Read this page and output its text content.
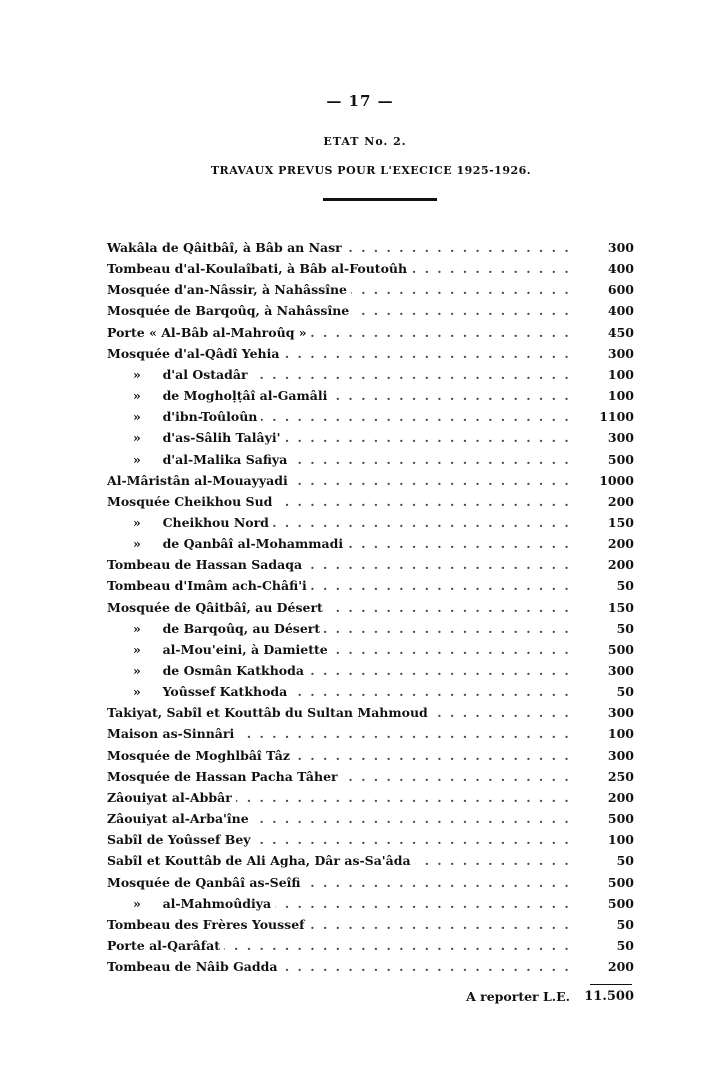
— 17 —
ETAT No. 2.
TRAVAUX PREVUS POUR L'EXECICE 1925-1926.
Wakâla de Qâitbâî, à Bâb an Nasr . . .	300
Tombeau d'al-Koulaîbati, à Bâb al-Foutoûh . . .	400
Mosquée d'an-Nâssir, à Nahâssîne . . .	600
Mosquée de Barqoûq, à Nahâssîne . . .	400
Porte « Al-Bâb al-Mahroûq » . . .	450
Mosquée d'al-Qâdî Yehia . . .	300
»     d'al Ostadâr . . .	100
»     de Moghoḷṭâî al-Gamâli . . .	100
»     d'ibn-Toûloûn . . .	1100
»     d'as-Sâlih Talâyi' . . .	300
»     d'al-Malika Safiya . . .	500
Al-Mâristân al-Mouayyadi . . .	1000
Mosquée Cheikhou Sud . . .	200
»     Cheikhou Nord . . .	150
»     de Qanbâî al-Mohammadi . . .	200
Tombeau de Hassan Sadaqa . . .	200
Tombeau d'Imâm ach-Châfi'i . . .	50
Mosquée de Qâitbâî, au Désert . . .	150
»     de Barqoûq, au Désert . . .	50
»     al-Mou'eini, à Damiette . . .	500
»     de Osmân Katkhoda . . .	300
»     Yoûssef Katkhoda . . .	50
Takiyat, Sabîl et Kouttâb du Sultan Mahmoud . . .	300
Maison as-Sinnâri . . .	100
Mosquée de Moghlbâî Tâz . . .	300
Mosquée de Hassan Pacha Tâher . . .	250
Zâouiyat al-Abbâr . . .	200
Zâouiyat al-Arba'îne . . .	500
Sabîl de Yoûssef Bey . . .	100
Sabîl et Kouttâb de Ali Agha, Dâr as-Sa'âda . . .	50
Mosquée de Qanbâî as-Seîfi . . .	500
»     al-Mahmoûdiya . . .	500
Tombeau des Frères Youssef . . .	50
Porte al-Qarâfat . . .	50
Tombeau de Nâib Gadda . . .	200
A reporter L.E.	11.500
